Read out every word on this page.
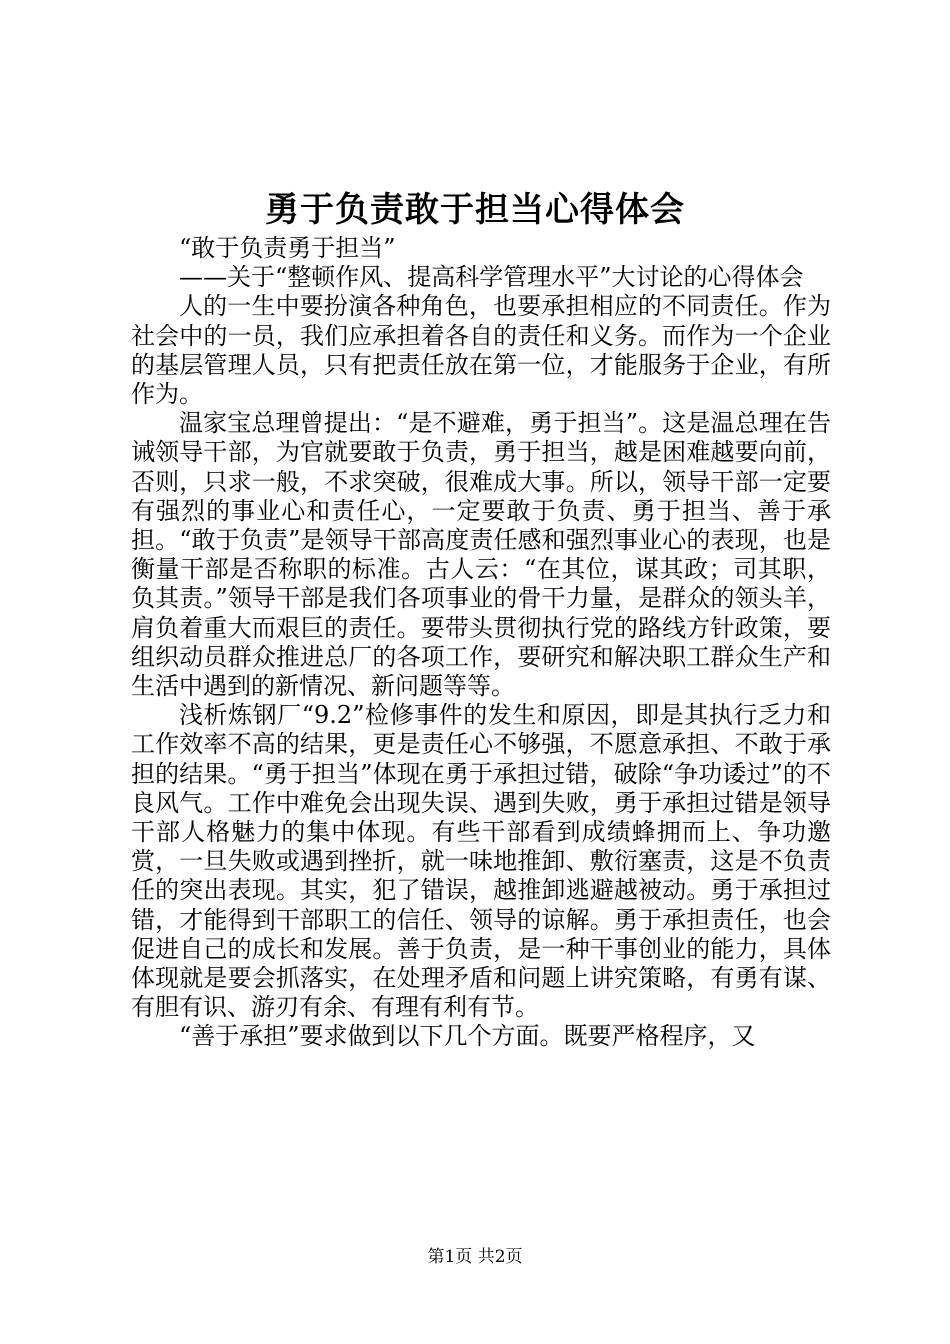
勇于负责敢于担当心得体会

“敢于负责勇于担当”

——关于“整顿作风、提高科学管理水平”大讨论的心得体会

人的一生中要扮演各种角色，也要承担相应的不同责任。作为社会中的一员，我们应承担着各自的责任和义务。而作为一个企业的基层管理人员，只有把责任放在第一位，才能服务于企业，有所作为。

温家宝总理曾提出：“是不避难，勇于担当”。这是温总理在告诫领导干部，为官就要敢于负责，勇于担当，越是困难越要向前，否则，只求一般，不求突破，很难成大事。所以，领导干部一定要有强烈的事业心和责任心，一定要敢于负责、勇于担当、善于承担。“敢于负责”是领导干部高度责任感和强烈事业心的表现，也是衡量干部是否称职的标准。古人云：“在其位，谋其政；司其职，负其责。”领导干部是我们各项事业的骨干力量，是群众的领头羊，肩负着重大而艰巨的责任。要带头贯彻执行党的路线方针政策，要组织动员群众推进总厂的各项工作，要研究和解决职工群众生产和生活中遇到的新情况、新问题等等。

浅析炼钢厂“9.2”检修事件的发生和原因，即是其执行乏力和工作效率不高的结果，更是责任心不够强，不愿意承担、不敢于承担的结果。“勇于担当”体现在勇于承担过错，破除“争功诿过”的不良风气。工作中难免会出现失误、遇到失败，勇于承担过错是领导干部人格魅力的集中体现。有些干部看到成绩蜂拥而上、争功邀赏，一旦失败或遇到挫折，就一味地推卸、敷衍塞责，这是不负责任的突出表现。其实，犯了错误，越推卸逃避越被动。勇于承担过错，才能得到干部职工的信任、领导的谅解。勇于承担责任，也会促进自己的成长和发展。善于负责，是一种干事创业的能力，具体体现就是要会抓落实，在处理矛盾和问题上讲究策略，有勇有谋、有胆有识、游刃有余、有理有利有节。

“善于承担”要求做到以下几个方面。既要严格程序，又

第1页 共2页
